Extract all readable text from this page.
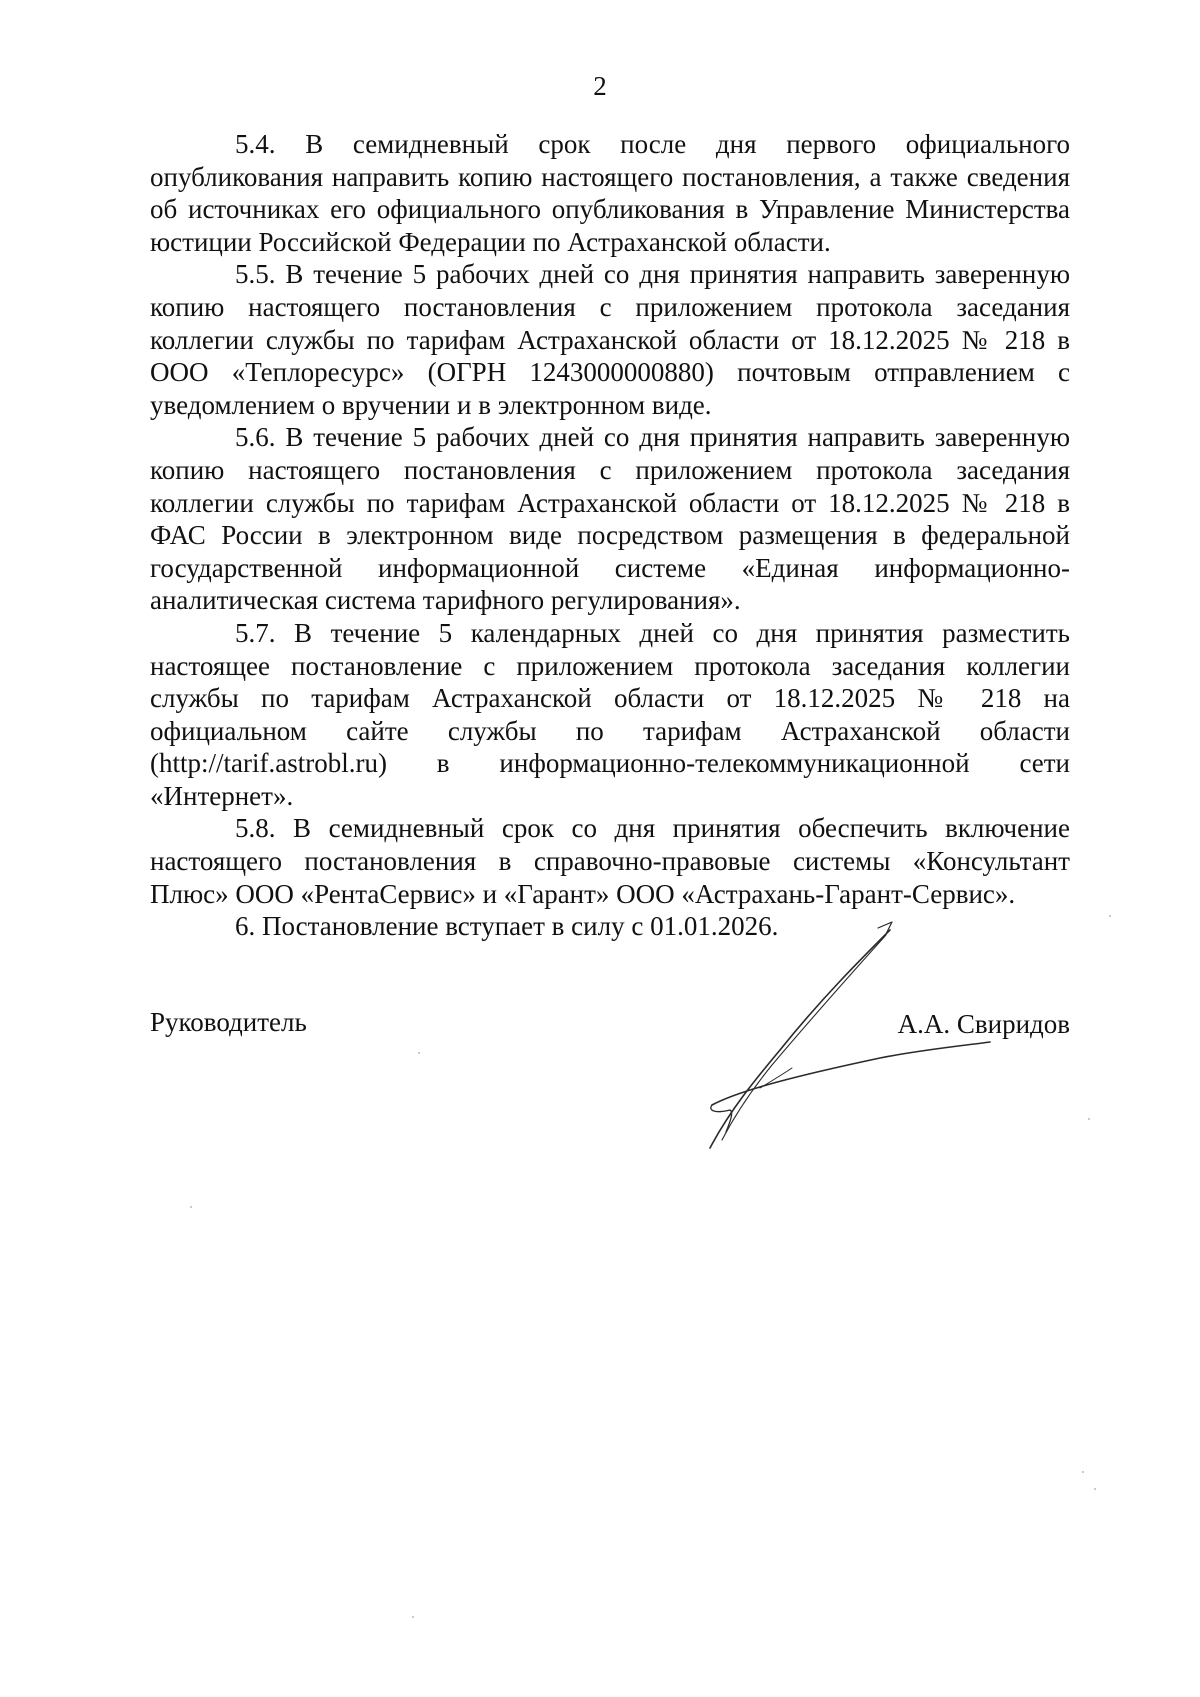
2

5.4. В семидневный срок после дня первого официального опубликования направить копию настоящего постановления, а также сведения об источниках его официального опубликования в Управление Министерства юстиции Российской Федерации по Астраханской области.

5.5. В течение 5 рабочих дней со дня принятия направить заверенную копию настоящего постановления с приложением протокола заседания коллегии службы по тарифам Астраханской области от 18.12.2025 № 218 в ООО «Теплоресурс» (ОГРН 1243000000880) почтовым отправлением с уведомлением о вручении и в электронном виде.

5.6. В течение 5 рабочих дней со дня принятия направить заверенную копию настоящего постановления с приложением протокола заседания коллегии службы по тарифам Астраханской области от 18.12.2025 № 218 в ФАС России в электронном виде посредством размещения в федеральной государственной информационной системе «Единая информационно-аналитическая система тарифного регулирования».

5.7. В течение 5 календарных дней со дня принятия разместить настоящее постановление с приложением протокола заседания коллегии службы по тарифам Астраханской области от 18.12.2025 № 218 на официальном сайте службы по тарифам Астраханской области (http://tarif.astrobl.ru) в информационно-телекоммуникационной сети «Интернет».

5.8. В семидневный срок со дня принятия обеспечить включение настоящего постановления в справочно-правовые системы «Консультант Плюс» ООО «РентаСервис» и «Гарант» ООО «Астрахань-Гарант-Сервис».

6. Постановление вступает в силу с 01.01.2026.

Руководитель	А.А. Свиридов
